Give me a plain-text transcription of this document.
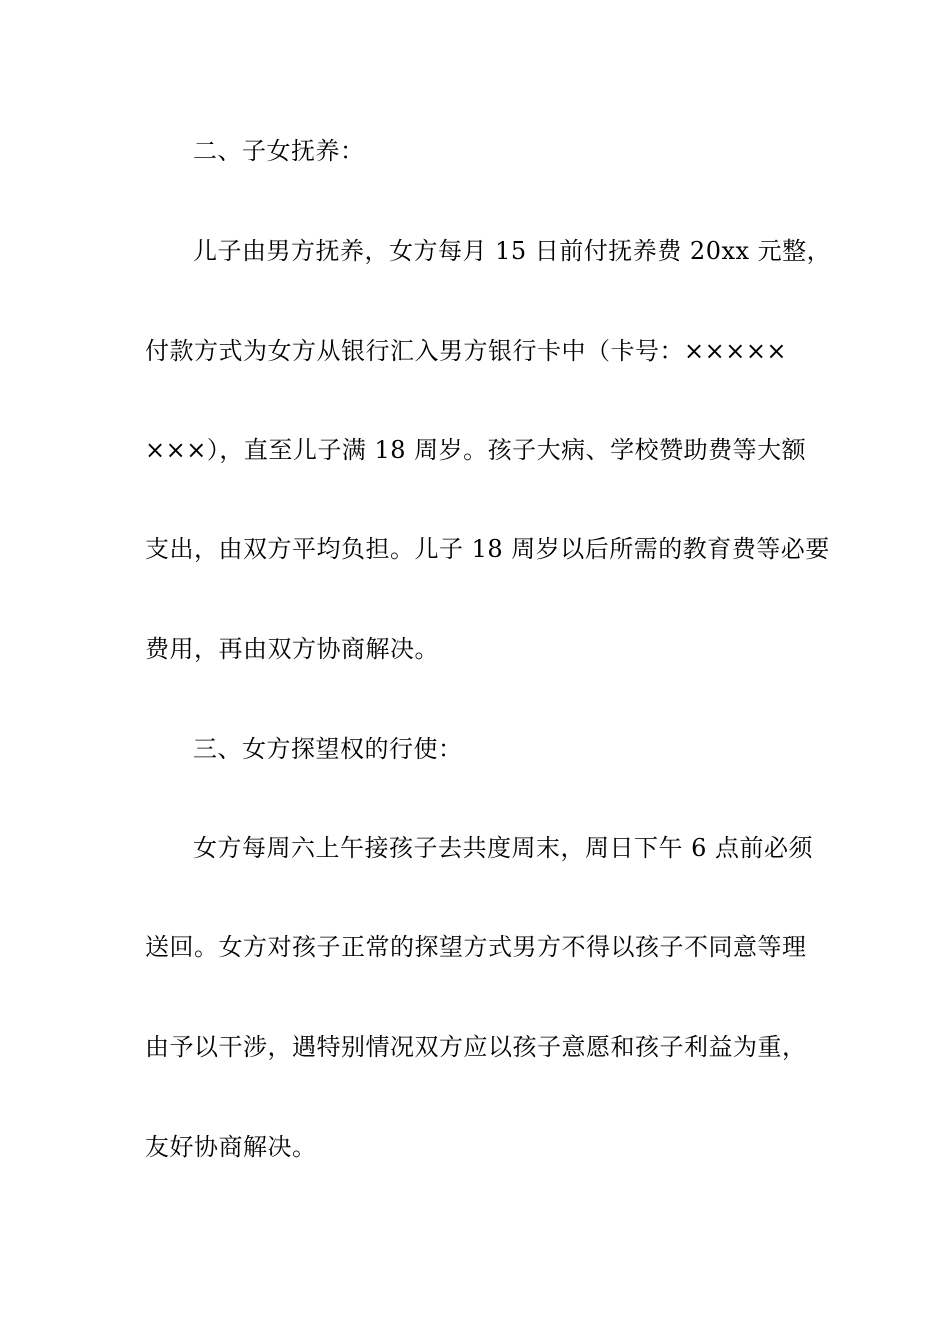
二、子女抚养：
儿子由男方抚养，女方每月 15 日前付抚养费 20xx 元整，
付款方式为女方从银行汇入男方银行卡中（卡号：×××××
×××），直至儿子满 18 周岁。孩子大病、学校赞助费等大额
支出，由双方平均负担。儿子 18 周岁以后所需的教育费等必要
费用，再由双方协商解决。
三、女方探望权的行使：
女方每周六上午接孩子去共度周末，周日下午 6 点前必须
送回。女方对孩子正常的探望方式男方不得以孩子不同意等理
由予以干涉，遇特别情况双方应以孩子意愿和孩子利益为重，
友好协商解决。
